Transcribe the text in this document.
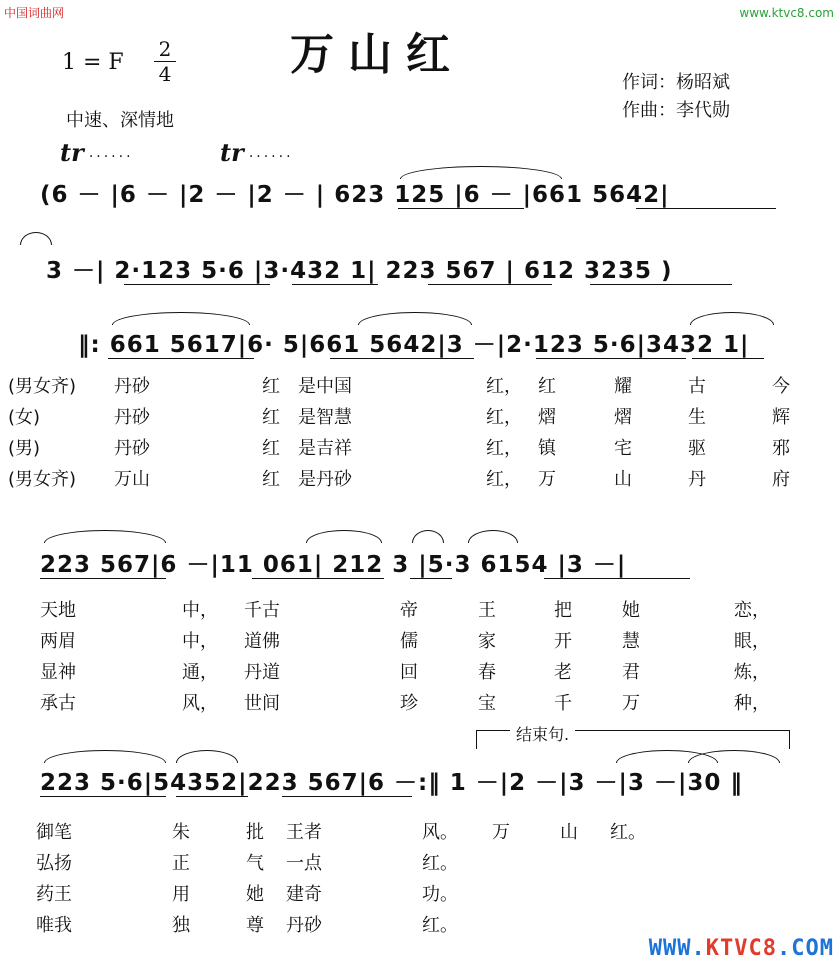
中国词曲网	www.ktvc8.com
万山红
1 = F
2
4
中速、深情地
作词：杨昭斌
作曲：李代勋
tr ······	tr ······
(6 － |6 － |2 － |2 － | 623 125 |6 － |661 5642|
3 －| 2·123 5·6 |3·432 1| 223 567 | 612 3235 )
‖: 661 5617|6· 5|661 5642|3 －|2·123 5·6|3432 1|
(男女齐) 丹砂	红 是中国	红， 红	耀	古	今
(女)	丹砂	红 是智慧	红， 熠	熠	生	辉
(男)	丹砂	红 是吉祥	红， 镇	宅	驱	邪
(男女齐) 万山	红 是丹砂	红， 万	山	丹	府
223 567|6 －|11 061| 212 3 |5·3 6154 |3 －|
天地	中， 千古	帝	王	把	她	恋，
两眉	中， 道佛	儒	家	开	慧	眼，
显神	通， 丹道	回	春	老	君	炼，
承古	风， 世间	珍	宝	千	万	种，
结束句.
223 5·6|54352|223 567|6 －:‖ 1 －|2 －|3 －|3 －|30 ‖
御笔	朱	批 王者	风。 万	山 红。
弘扬	正	气 一点	红。
药王	用	她 建奇	功。
唯我	独	尊 丹砂	红。
WWW.KTVC8.COM
